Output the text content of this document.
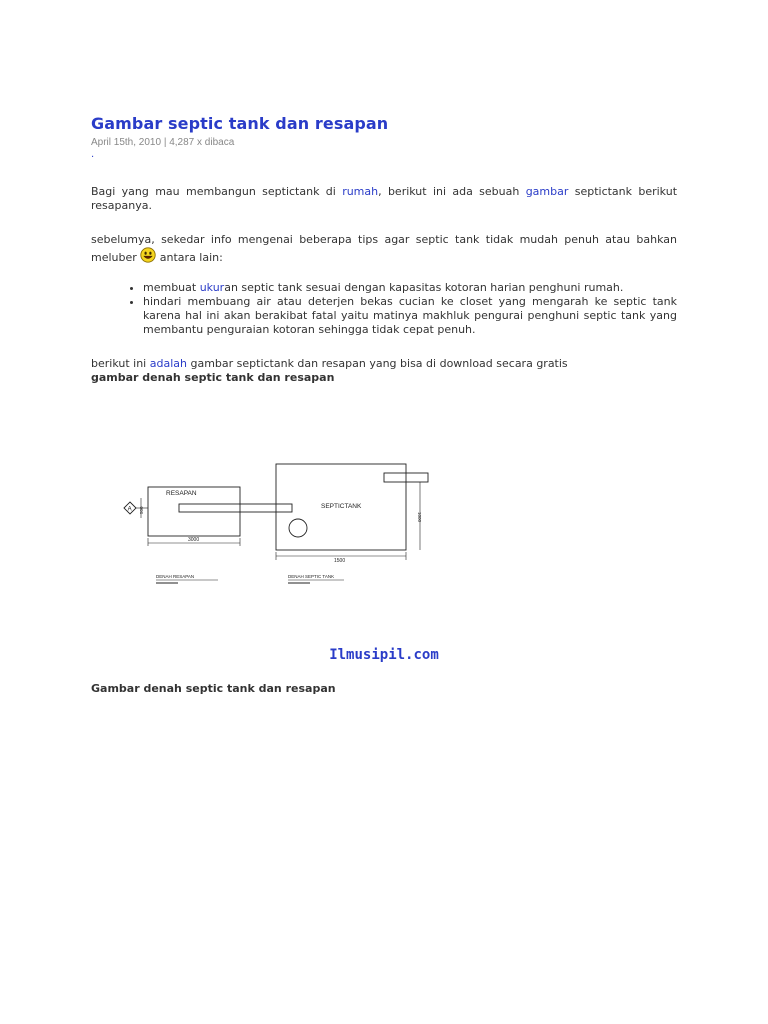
Gambar septic tank dan resapan
April 15th, 2010 | 4,287 x dibaca
.

Bagi yang mau membangun septictank di rumah, berikut ini ada sebuah gambar septictank berikut resapanya.

sebelumya, sekedar info mengenai beberapa tips agar septic tank tidak mudah penuh atau bahkan meluber  antara lain:

• membuat ukuran septic tank sesuai dengan kapasitas kotoran harian penghuni rumah.
• hindari membuang air atau deterjen bekas cucian ke closet yang mengarah ke septic tank karena hal ini akan berakibat fatal yaitu matinya makhluk pengurai penghuni septic tank yang membantu penguraian kotoran sehingga tidak cepat penuh.

berikut ini adalah gambar septictank dan resapan yang bisa di download secara gratis
gambar denah septic tank dan resapan

RESAPAN
A 500
3000
SEPTICTANK
1000
1500
DENAH RESAPAN	DENAH SEPTIC TANK
Ilmusipil.com
Gambar denah septic tank dan resapan
